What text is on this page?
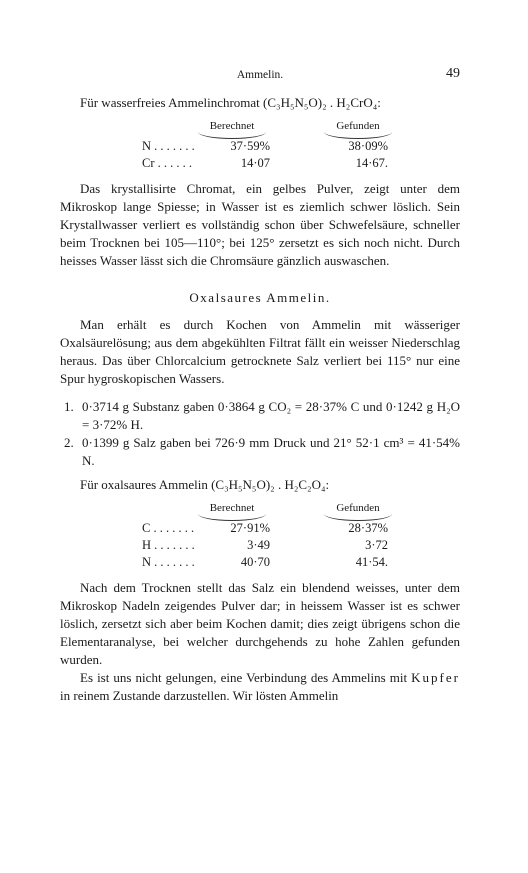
Ammelin.	49

Für wasserfreies Ammelinchromat (C₃H₅N₅O)₂ . H₂CrO₄:

Berechnet	Gefunden
N . . . . . . .	37·59%	38·09%
Cr . . . . . .	14·07	14·67.

Das krystallisirte Chromat, ein gelbes Pulver, zeigt unter dem Mikroskop lange Spiesse; in Wasser ist es ziemlich schwer löslich. Sein Krystallwasser verliert es vollständig schon über Schwefelsäure, schneller beim Trocknen bei 105—110°; bei 125° zersetzt es sich noch nicht. Durch heisses Wasser lässt sich die Chromsäure gänzlich auswaschen.

Oxalsaures Ammelin.

Man erhält es durch Kochen von Ammelin mit wässeriger Oxalsäurelösung; aus dem abgekühlten Filtrat fällt ein weisser Niederschlag heraus. Das über Chlorcalcium getrocknete Salz verliert bei 115° nur eine Spur hygroskopischen Wassers.

1. 0·3714 g Substanz gaben 0·3864 g CO₂ = 28·37% C und 0·1242 g H₂O = 3·72% H.
2. 0·1399 g Salz gaben bei 726·9 mm Druck und 21° 52·1 cm³ = 41·54% N.

Für oxalsaures Ammelin (C₃H₅N₅O)₂ . H₂C₂O₄:

Berechnet	Gefunden
C . . . . . . .	27·91%	28·37%
H . . . . . . .	3·49	3·72
N . . . . . . .	40·70	41·54.

Nach dem Trocknen stellt das Salz ein blendend weisses, unter dem Mikroskop Nadeln zeigendes Pulver dar; in heissem Wasser ist es schwer löslich, zersetzt sich aber beim Kochen damit; dies zeigt übrigens schon die Elementaranalyse, bei welcher durchgehends zu hohe Zahlen gefunden wurden.

Es ist uns nicht gelungen, eine Verbindung des Ammelins mit Kupfer in reinem Zustande darzustellen. Wir lösten Ammelin
